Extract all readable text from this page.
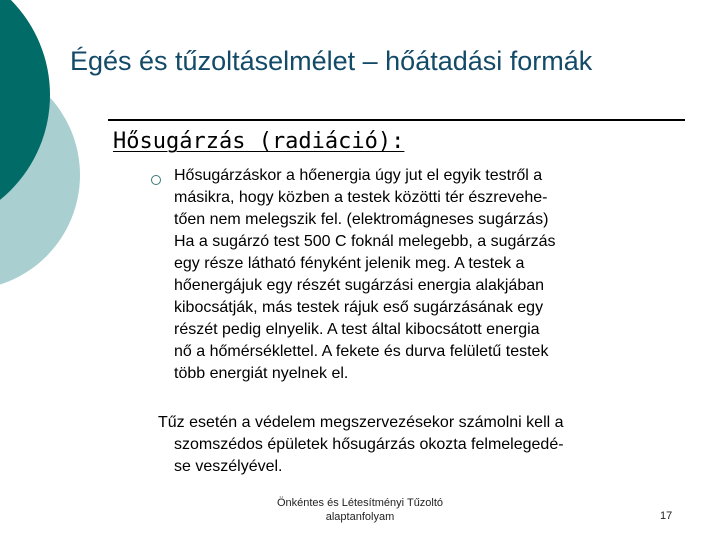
Égés és tűzoltáselmélet – hőátadási formák
Hősugárzás (radiáció):

Hősugárzáskor a hőenergia úgy jut el egyik testről a
másikra, hogy közben a testek közötti tér észrevehe-
tően nem melegszik fel. (elektromágneses sugárzás)
Ha a sugárzó test 500 C foknál melegebb, a sugárzás
egy része látható fényként jelenik meg. A testek a
hőenergájuk egy részét sugárzási energia alakjában
kibocsátják, más testek rájuk eső sugárzásának egy
részét pedig elnyelik. A test által kibocsátott energia
nő a hőmérséklettel. A fekete és durva felületű testek
több energiát nyelnek el.

Tűz esetén a védelem megszervezésekor számolni kell a
szomszédos épületek hősugárzás okozta felmelegedé-
se veszélyével.

Önkéntes és Létesítményi Tűzoltó
alaptanfolyam	17
